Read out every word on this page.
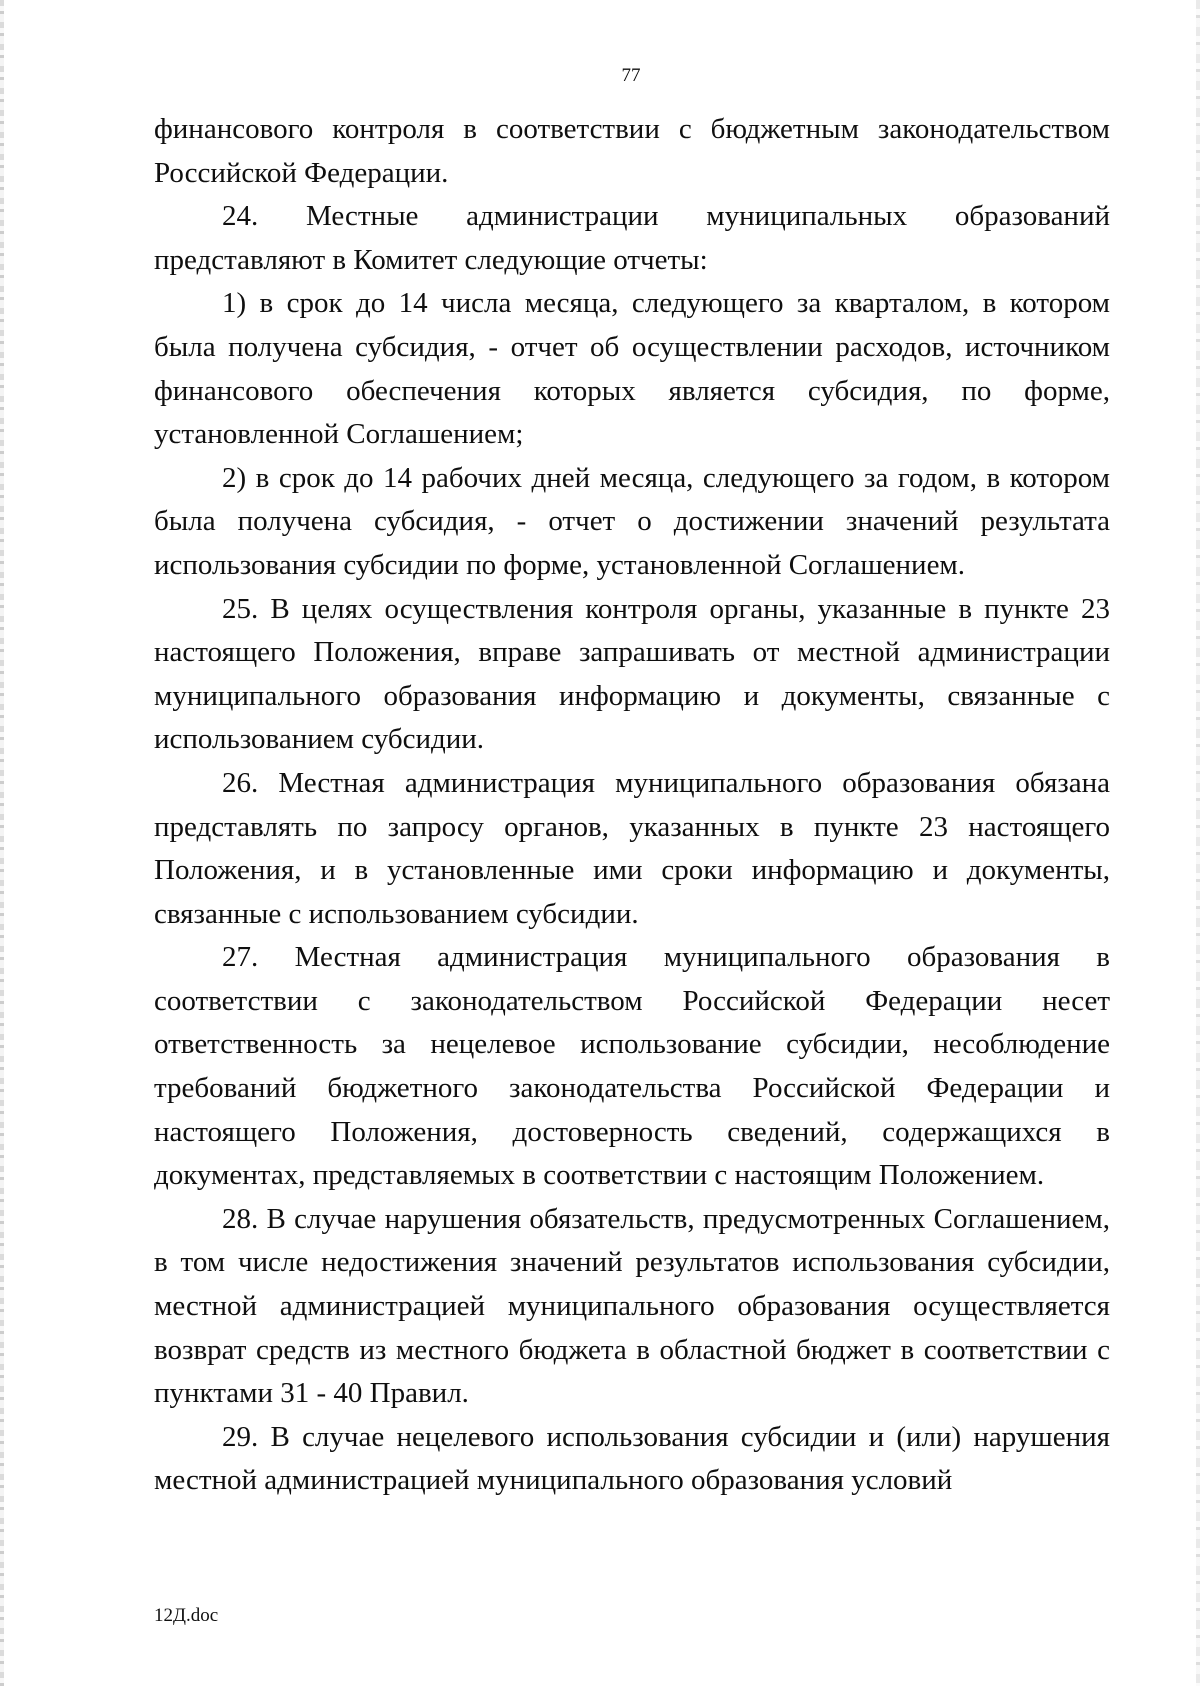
77

финансового контроля в соответствии с бюджетным законодательством Российской Федерации.

24. Местные администрации муниципальных образований представляют в Комитет следующие отчеты:

1) в срок до 14 числа месяца, следующего за кварталом, в котором была получена субсидия, - отчет об осуществлении расходов, источником финансового обеспечения которых является субсидия, по форме, установленной Соглашением;

2) в срок до 14 рабочих дней месяца, следующего за годом, в котором была получена субсидия, - отчет о достижении значений результата использования субсидии по форме, установленной Соглашением.

25. В целях осуществления контроля органы, указанные в пункте 23 настоящего Положения, вправе запрашивать от местной администрации муниципального образования информацию и документы, связанные с использованием субсидии.

26. Местная администрация муниципального образования обязана представлять по запросу органов, указанных в пункте 23 настоящего Положения, и в установленные ими сроки информацию и документы, связанные с использованием субсидии.

27. Местная администрация муниципального образования в соответствии с законодательством Российской Федерации несет ответственность за нецелевое использование субсидии, несоблюдение требований бюджетного законодательства Российской Федерации и настоящего Положения, достоверность сведений, содержащихся в документах, представляемых в соответствии с настоящим Положением.

28. В случае нарушения обязательств, предусмотренных Соглашением, в том числе недостижения значений результатов использования субсидии, местной администрацией муниципального образования осуществляется возврат средств из местного бюджета в областной бюджет в соответствии с пунктами 31 - 40 Правил.

29. В случае нецелевого использования субсидии и (или) нарушения местной администрацией муниципального образования условий

12Д.doc
